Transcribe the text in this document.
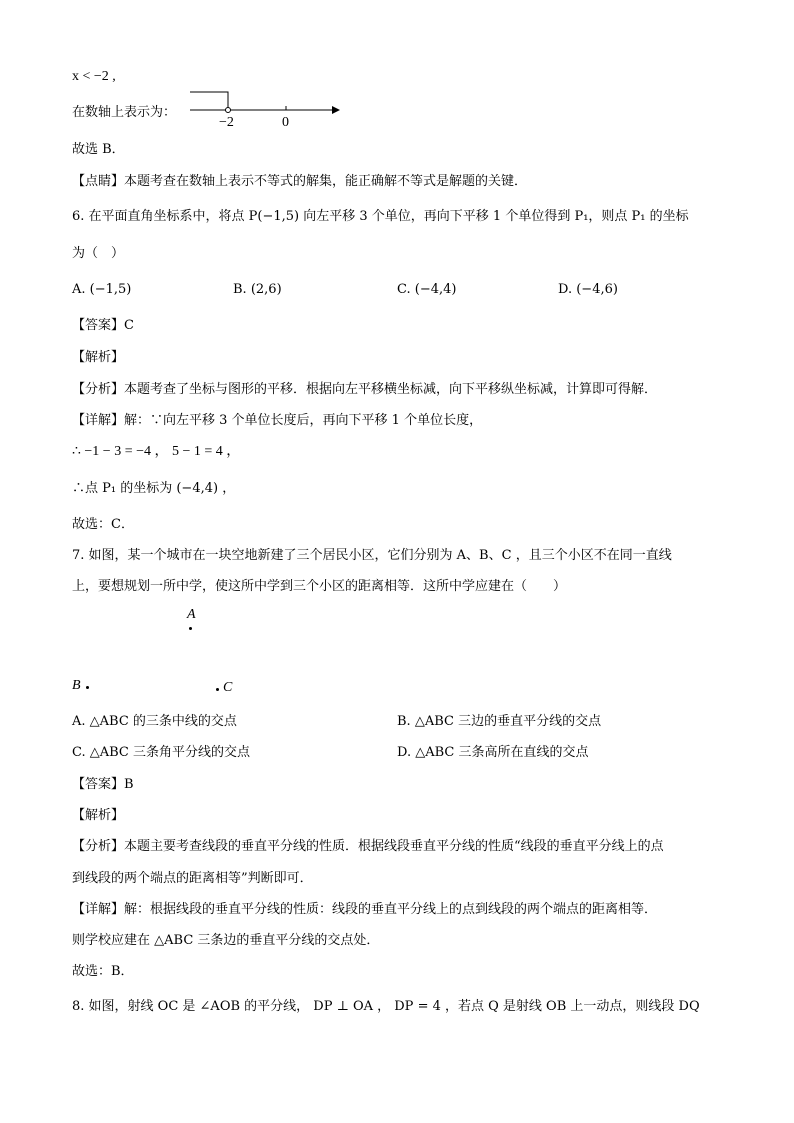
x < −2 ,
在数轴上表示为：
−2	0
故选 B．
【点睛】本题考查在数轴上表示不等式的解集，能正确解不等式是解题的关键．
6. 在平面直角坐标系中，将点 P(−1,5) 向左平移 3 个单位，再向下平移 1 个单位得到 P₁，则点 P₁ 的坐标
为（　）
A. (−1,5)	B. (2,6)	C. (−4,4)	D. (−4,6)
【答案】C
【解析】
【分析】本题考查了坐标与图形的平移．根据向左平移横坐标减，向下平移纵坐标减，计算即可得解．
【详解】解：∵向左平移 3 个单位长度后，再向下平移 1 个单位长度，
∴ −1 − 3 = −4 ， 5 − 1 = 4 ，
∴点 P₁ 的坐标为 (−4,4) ，
故选：C．
7. 如图，某一个城市在一块空地新建了三个居民小区，它们分别为 A、B、C ，且三个小区不在同一直线
上，要想规划一所中学，使这所中学到三个小区的距离相等．这所中学应建在（　　）
A
B	C
A. △ABC 的三条中线的交点	B. △ABC 三边的垂直平分线的交点
C. △ABC 三条角平分线的交点	D. △ABC 三条高所在直线的交点
【答案】B
【解析】
【分析】本题主要考查线段的垂直平分线的性质．根据线段垂直平分线的性质“线段的垂直平分线上的点
到线段的两个端点的距离相等”判断即可．
【详解】解：根据线段的垂直平分线的性质：线段的垂直平分线上的点到线段的两个端点的距离相等．
则学校应建在 △ABC 三条边的垂直平分线的交点处．
故选：B．
8. 如图，射线 OC 是 ∠AOB 的平分线， DP ⊥ OA ， DP = 4 ，若点 Q 是射线 OB 上一动点，则线段 DQ
